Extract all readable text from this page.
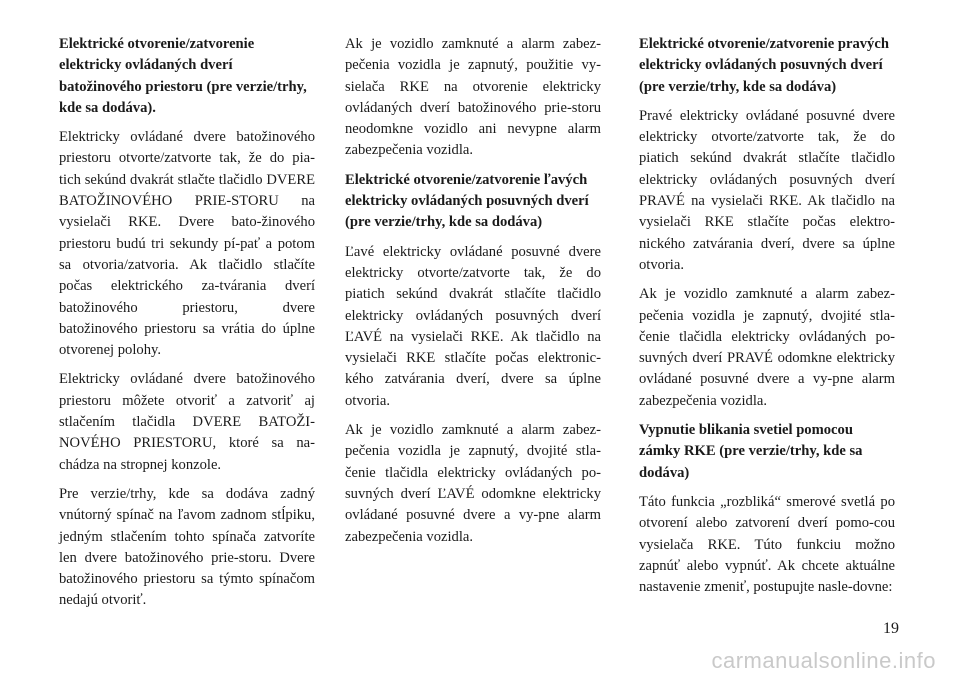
Elektrické otvorenie/zatvorenie elektricky ovládaných dverí batožinového priestoru (pre verzie/trhy, kde sa dodáva).

Elektricky ovládané dvere batožinového priestoru otvorte/zatvorte tak, že do pia-tich sekúnd dvakrát stlačte tlačidlo DVERE BATOŽINOVÉHO PRIE-STORU na vysielači RKE. Dvere bato-žinového priestoru budú tri sekundy pí-pať a potom sa otvoria/zatvoria. Ak tlačidlo stlačíte počas elektrického za-tvárania dverí batožinového priestoru, dvere batožinového priestoru sa vrátia do úplne otvorenej polohy.

Elektricky ovládané dvere batožinového priestoru môžete otvoriť a zatvoriť aj stlačením tlačidla DVERE BATOŽI-NOVÉHO PRIESTORU, ktoré sa na-chádza na stropnej konzole.

Pre verzie/trhy, kde sa dodáva zadný vnútorný spínač na ľavom zadnom stĺpiku, jedným stlačením tohto spínača zatvoríte len dvere batožinového prie-storu. Dvere batožinového priestoru sa týmto spínačom nedajú otvoriť.

Ak je vozidlo zamknuté a alarm zabez-pečenia vozidla je zapnutý, použitie vy-sielača RKE na otvorenie elektricky ovládaných dverí batožinového prie-storu neodomkne vozidlo ani nevypne alarm zabezpečenia vozidla.

Elektrické otvorenie/zatvorenie ľavých elektricky ovládaných posuvných dverí (pre verzie/trhy, kde sa dodáva)

Ľavé elektricky ovládané posuvné dvere elektricky otvorte/zatvorte tak, že do piatich sekúnd dvakrát stlačíte tlačidlo elektricky ovládaných posuvných dverí ĽAVÉ na vysielači RKE. Ak tlačidlo na vysielači RKE stlačíte počas elektronic-kého zatvárania dverí, dvere sa úplne otvoria.

Ak je vozidlo zamknuté a alarm zabez-pečenia vozidla je zapnutý, dvojité stla-čenie tlačidla elektricky ovládaných po-suvných dverí ĽAVÉ odomkne elektricky ovládané posuvné dvere a vy-pne alarm zabezpečenia vozidla.

Elektrické otvorenie/zatvorenie pravých elektricky ovládaných posuvných dverí (pre verzie/trhy, kde sa dodáva)

Pravé elektricky ovládané posuvné dvere elektricky otvorte/zatvorte tak, že do piatich sekúnd dvakrát stlačíte tlačidlo elektricky ovládaných posuvných dverí PRAVÉ na vysielači RKE. Ak tlačidlo na vysielači RKE stlačíte počas elektro-nického zatvárania dverí, dvere sa úplne otvoria.

Ak je vozidlo zamknuté a alarm zabez-pečenia vozidla je zapnutý, dvojité stla-čenie tlačidla elektricky ovládaných po-suvných dverí PRAVÉ odomkne elektricky ovládané posuvné dvere a vy-pne alarm zabezpečenia vozidla.

Vypnutie blikania svetiel pomocou zámky RKE (pre verzie/trhy, kde sa dodáva)

Táto funkcia „rozbliká“ smerové svetlá po otvorení alebo zatvorení dverí pomo-cou vysielača RKE. Túto funkciu možno zapnúť alebo vypnúť. Ak chcete aktuálne nastavenie zmeniť, postupujte nasle-dovne:

19
carmanualsonline.info
